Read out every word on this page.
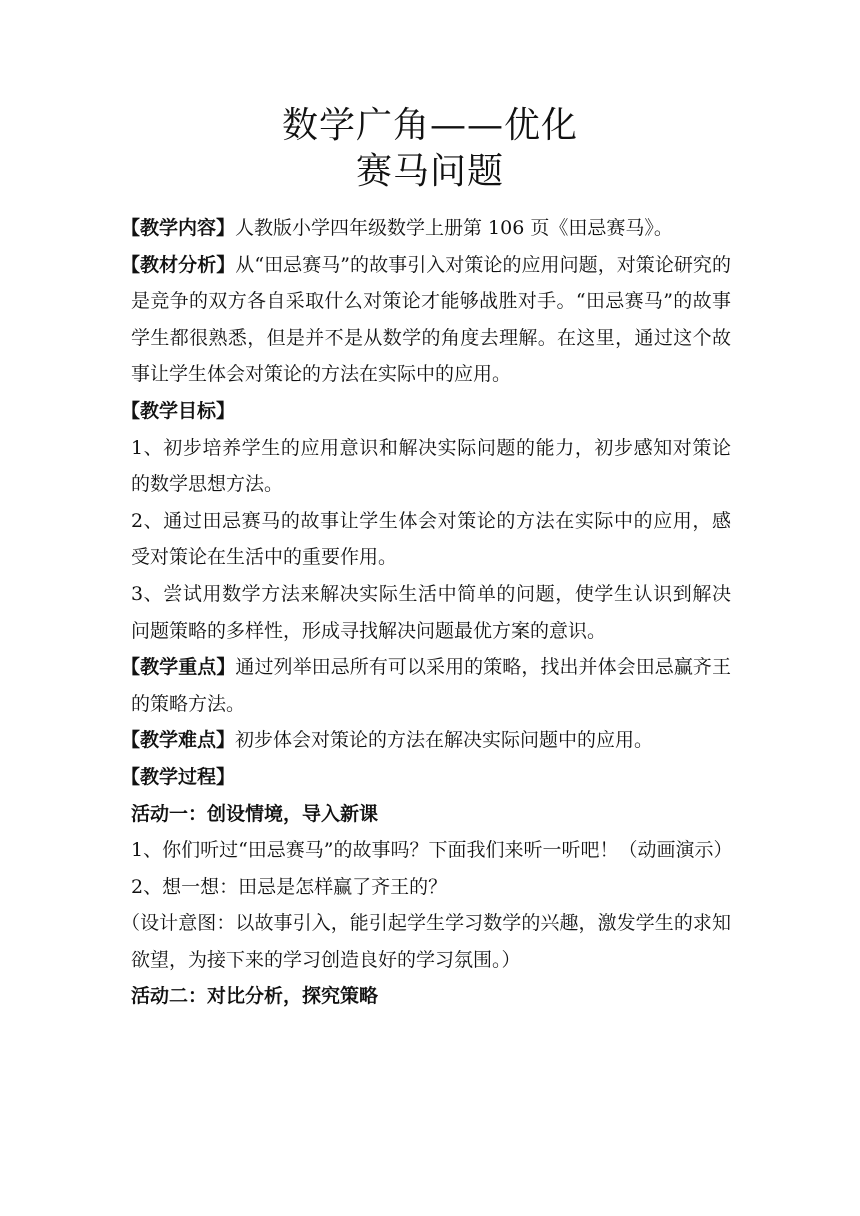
数学广角——优化
赛马问题

【教学内容】人教版小学四年级数学上册第 106 页《田忌赛马》。

【教材分析】从“田忌赛马”的故事引入对策论的应用问题，对策论研究的是竞争的双方各自采取什么对策论才能够战胜对手。“田忌赛马”的故事学生都很熟悉，但是并不是从数学的角度去理解。在这里，通过这个故事让学生体会对策论的方法在实际中的应用。

【教学目标】

1、初步培养学生的应用意识和解决实际问题的能力，初步感知对策论的数学思想方法。

2、通过田忌赛马的故事让学生体会对策论的方法在实际中的应用，感受对策论在生活中的重要作用。

3、尝试用数学方法来解决实际生活中简单的问题，使学生认识到解决问题策略的多样性，形成寻找解决问题最优方案的意识。

【教学重点】通过列举田忌所有可以采用的策略，找出并体会田忌赢齐王的策略方法。

【教学难点】初步体会对策论的方法在解决实际问题中的应用。

【教学过程】

活动一：创设情境，导入新课

1、你们听过“田忌赛马”的故事吗？下面我们来听一听吧！（动画演示）

2、想一想：田忌是怎样赢了齐王的？

（设计意图：以故事引入，能引起学生学习数学的兴趣，激发学生的求知欲望，为接下来的学习创造良好的学习氛围。）

活动二：对比分析，探究策略
